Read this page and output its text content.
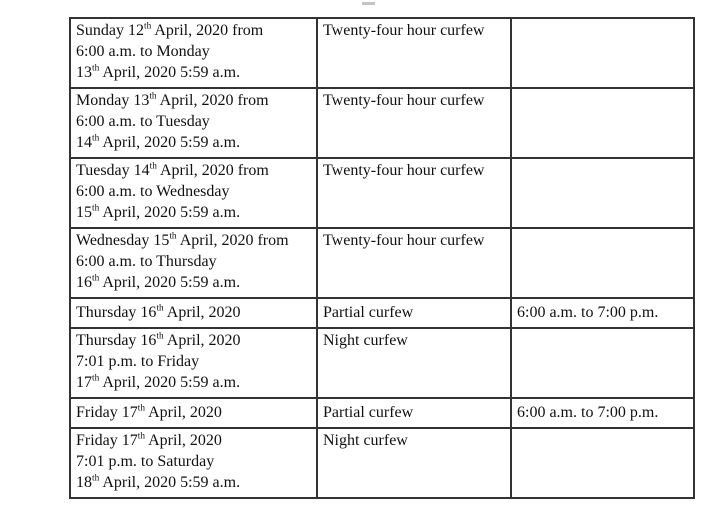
Sunday 12th April, 2020 from
6:00 a.m. to Monday
13th April, 2020 5:59 a.m.	Twenty-four hour curfew	

Monday 13th April, 2020 from
6:00 a.m. to Tuesday
14th April, 2020 5:59 a.m.	Twenty-four hour curfew	

Tuesday 14th April, 2020 from
6:00 a.m. to Wednesday
15th April, 2020 5:59 a.m.	Twenty-four hour curfew	

Wednesday 15th April, 2020 from
6:00 a.m. to Thursday
16th April, 2020 5:59 a.m.	Twenty-four hour curfew	

Thursday 16th April, 2020	Partial curfew	6:00 a.m. to 7:00 p.m.

Thursday 16th April, 2020
7:01 p.m. to Friday
17th April, 2020 5:59 a.m.	Night curfew	

Friday 17th April, 2020	Partial curfew	6:00 a.m. to 7:00 p.m.

Friday 17th April, 2020
7:01 p.m. to Saturday
18th April, 2020 5:59 a.m.	Night curfew	
